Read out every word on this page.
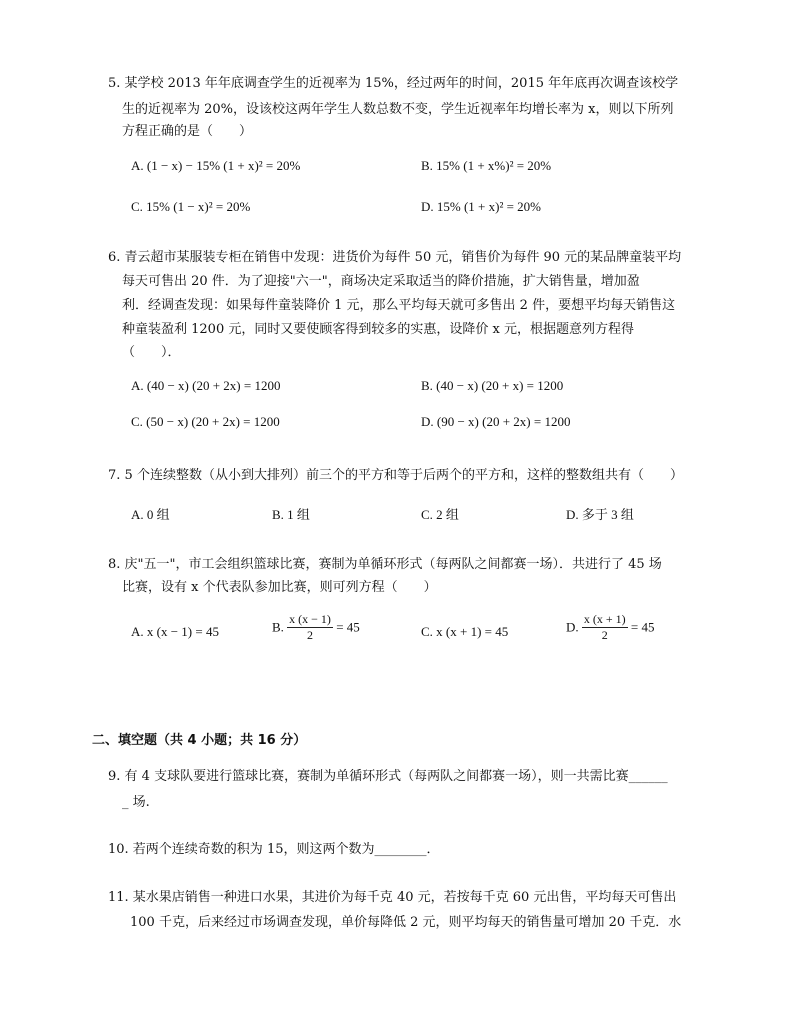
5. 某学校 2013 年年底调查学生的近视率为 15%，经过两年的时间，2015 年年底再次调查该校学
生的近视率为 20%，设该校这两年学生人数总数不变，学生近视率年均增长率为 x，则以下所列
方程正确的是（　　）
A. (1 − x) − 15% (1 + x)² = 20%	B. 15% (1 + x%)² = 20%
C. 15% (1 − x)² = 20%	D. 15% (1 + x)² = 20%
6. 青云超市某服装专柜在销售中发现：进货价为每件 50 元，销售价为每件 90 元的某品牌童装平均
每天可售出 20 件．为了迎接"六一"，商场决定采取适当的降价措施，扩大销售量，增加盈
利．经调查发现：如果每件童装降价 1 元，那么平均每天就可多售出 2 件，要想平均每天销售这
种童装盈利 1200 元，同时又要使顾客得到较多的实惠，设降价 x 元，根据题意列方程得
（　　）．
A. (40 − x) (20 + 2x) = 1200	B. (40 − x) (20 + x) = 1200
C. (50 − x) (20 + 2x) = 1200	D. (90 − x) (20 + 2x) = 1200
7. 5 个连续整数（从小到大排列）前三个的平方和等于后两个的平方和，这样的整数组共有（　　）
A. 0 组	B. 1 组	C. 2 组	D. 多于 3 组
8. 庆"五一"，市工会组织篮球比赛，赛制为单循环形式（每两队之间都赛一场）．共进行了 45 场
比赛，设有 x 个代表队参加比赛，则可列方程（　　）
A. x (x − 1) = 45	B. $\frac{x (x - 1)}{2} = 45$	C. x (x + 1) = 45	D. $\frac{x (x + 1)}{2} = 45$
二、填空题（共 4 小题；共 16 分）
9. 有 4 支球队要进行篮球比赛，赛制为单循环形式（每两队之间都赛一场），则一共需比赛______
_ 场.
10. 若两个连续奇数的积为 15，则这两个数为________．
11. 某水果店销售一种进口水果，其进价为每千克 40 元，若按每千克 60 元出售，平均每天可售出
100 千克，后来经过市场调查发现，单价每降低 2 元，则平均每天的销售量可增加 20 千克．水
